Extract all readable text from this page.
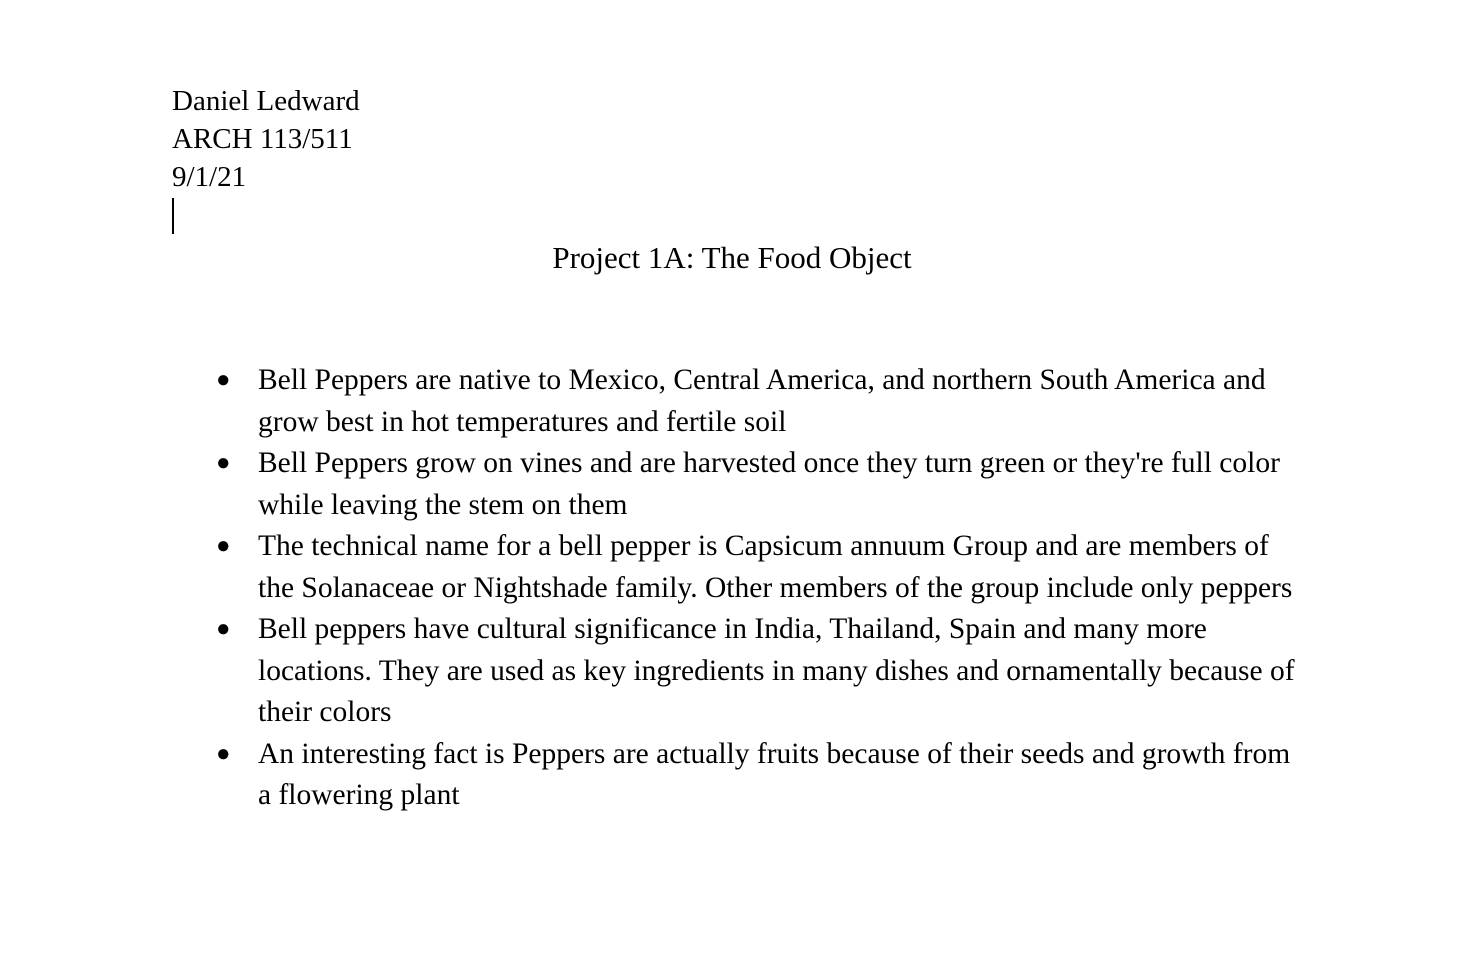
Daniel Ledward
ARCH 113/511
9/1/21
Project 1A: The Food Object
● Bell Peppers are native to Mexico, Central America, and northern South America and grow best in hot temperatures and fertile soil
● Bell Peppers grow on vines and are harvested once they turn green or they're full color while leaving the stem on them
● The technical name for a bell pepper is Capsicum annuum Group and are members of the Solanaceae or Nightshade family. Other members of the group include only peppers
● Bell peppers have cultural significance in India, Thailand, Spain and many more locations. They are used as key ingredients in many dishes and ornamentally because of their colors
● An interesting fact is Peppers are actually fruits because of their seeds and growth from a flowering plant
